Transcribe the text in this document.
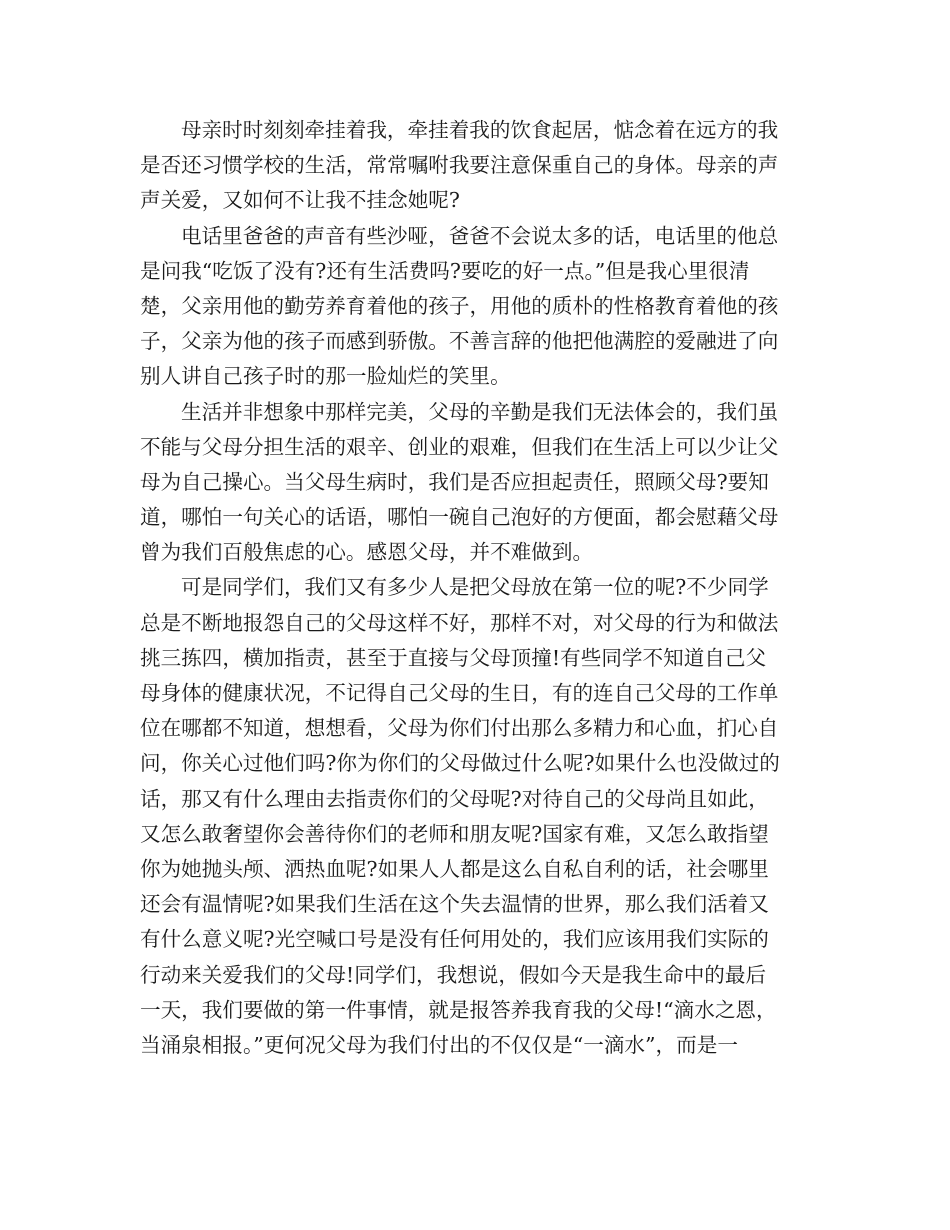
母亲时时刻刻牵挂着我，牵挂着我的饮食起居，惦念着在远方的我
是否还习惯学校的生活，常常嘱咐我要注意保重自己的身体。母亲的声
声关爱，又如何不让我不挂念她呢?
电话里爸爸的声音有些沙哑，爸爸不会说太多的话，电话里的他总
是问我“吃饭了没有?还有生活费吗?要吃的好一点。”但是我心里很清
楚，父亲用他的勤劳养育着他的孩子，用他的质朴的性格教育着他的孩
子，父亲为他的孩子而感到骄傲。不善言辞的他把他满腔的爱融进了向
别人讲自己孩子时的那一脸灿烂的笑里。
生活并非想象中那样完美，父母的辛勤是我们无法体会的，我们虽
不能与父母分担生活的艰辛、创业的艰难，但我们在生活上可以少让父
母为自己操心。当父母生病时，我们是否应担起责任，照顾父母?要知
道，哪怕一句关心的话语，哪怕一碗自己泡好的方便面，都会慰藉父母
曾为我们百般焦虑的心。感恩父母，并不难做到。
可是同学们，我们又有多少人是把父母放在第一位的呢?不少同学
总是不断地报怨自己的父母这样不好，那样不对，对父母的行为和做法
挑三拣四，横加指责，甚至于直接与父母顶撞!有些同学不知道自己父
母身体的健康状况，不记得自己父母的生日，有的连自己父母的工作单
位在哪都不知道，想想看，父母为你们付出那么多精力和心血，扪心自
问，你关心过他们吗?你为你们的父母做过什么呢?如果什么也没做过的
话，那又有什么理由去指责你们的父母呢?对待自己的父母尚且如此，
又怎么敢奢望你会善待你们的老师和朋友呢?国家有难，又怎么敢指望
你为她抛头颅、洒热血呢?如果人人都是这么自私自利的话，社会哪里
还会有温情呢?如果我们生活在这个失去温情的世界，那么我们活着又
有什么意义呢?光空喊口号是没有任何用处的，我们应该用我们实际的
行动来关爱我们的父母!同学们，我想说，假如今天是我生命中的最后
一天，我们要做的第一件事情，就是报答养我育我的父母!“滴水之恩，
当涌泉相报。”更何况父母为我们付出的不仅仅是“一滴水”，而是一
